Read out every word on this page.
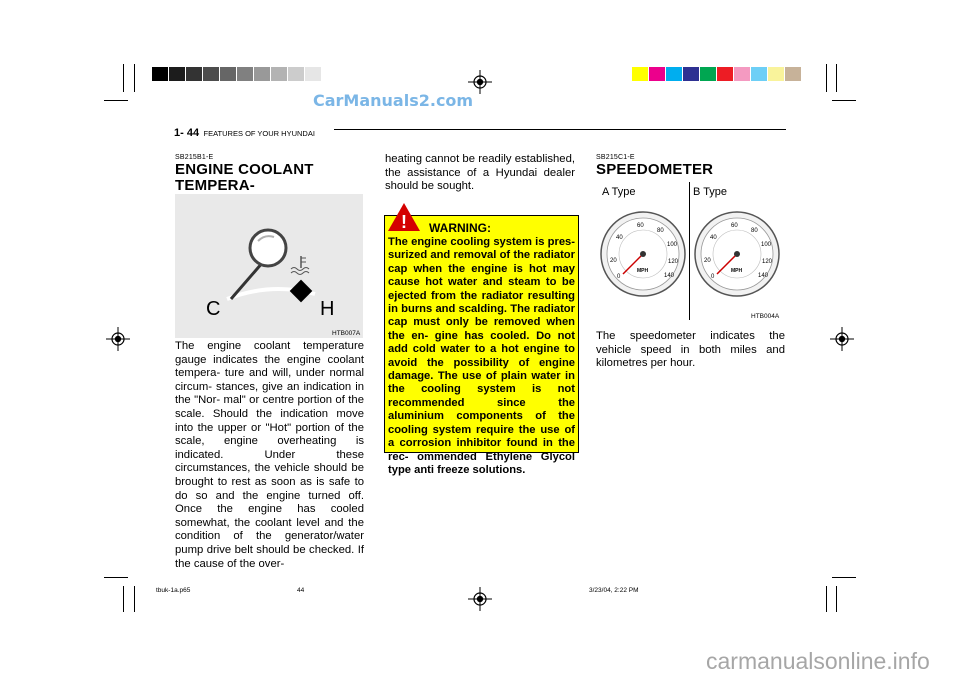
CarManuals2.com
1- 44 FEATURES OF YOUR HYUNDAI
SB215B1-E
ENGINE COOLANT TEMPERA-
C	H
HTB007A
The engine coolant temperature gauge indicates the engine coolant tempera- ture and will, under normal circum- stances, give an indication in the "Nor- mal" or centre portion of the scale. Should the indication move into the upper or "Hot" portion of the scale, engine overheating is indicated. Under these circumstances, the vehicle should be brought to rest as soon as is safe to do so and the engine turned off. Once the engine has cooled somewhat, the coolant level and the condition of the generator/water pump drive belt should be checked. If the cause of the over-
heating cannot be readily established, the assistance of a Hyundai dealer should be sought.
! WARNING:
The engine cooling system is pres- surized and removal of the radiator cap when the engine is hot may cause hot water and steam to be ejected from the radiator resulting in burns and scalding. The radiator cap must only be removed when the en- gine has cooled. Do not add cold water to a hot engine to avoid the possibility of engine damage. The use of plain water in the cooling system is not recommended since the aluminium components of the cooling system require the use of a corrosion inhibitor found in the rec- ommended Ethylene Glycol type anti freeze solutions.
SB215C1-E
SPEEDOMETER
A Type	B Type
0
20
40
60
80
100
120
140
MPH
0
20
40
60
80
100
120
140
MPH
HTB004A
The speedometer indicates the vehicle speed in both miles and kilometres per hour.
tbuk-1a.p65	44	3/23/04, 2:22 PM
carmanualsonline.info
